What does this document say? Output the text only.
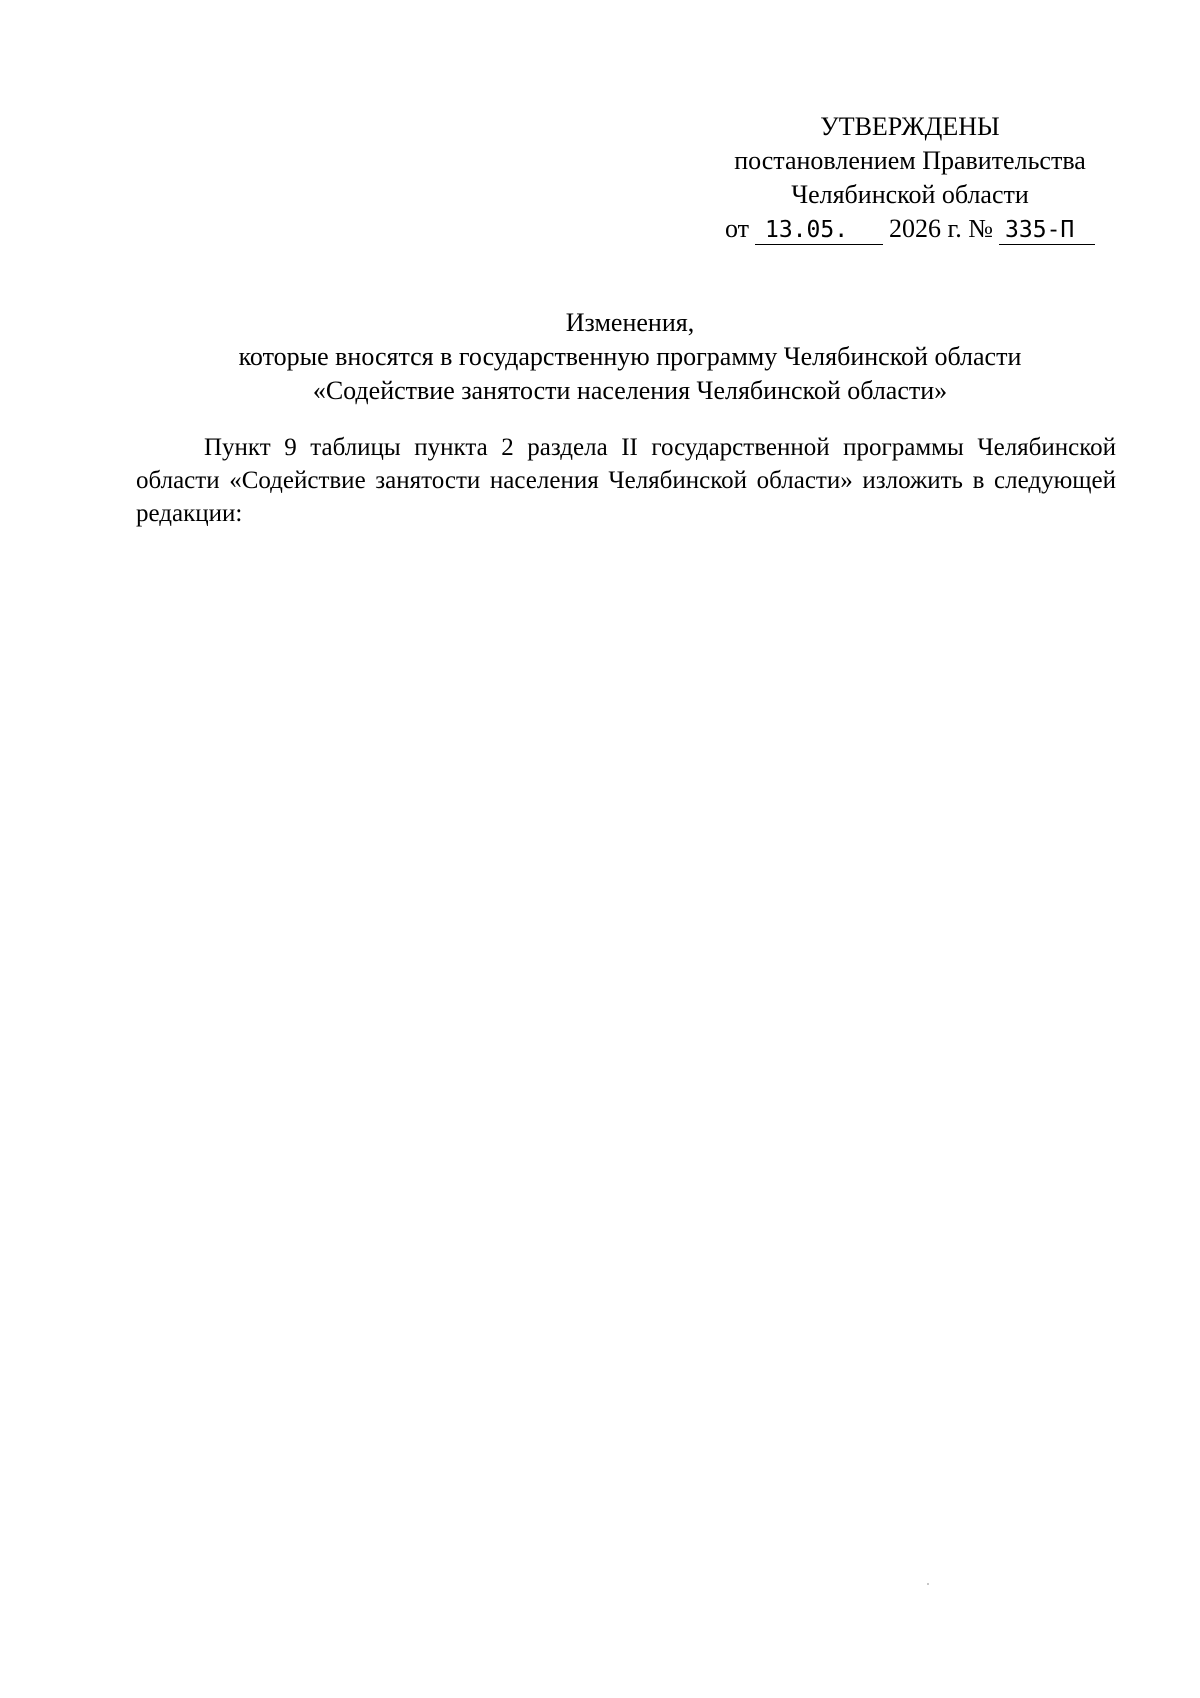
УТВЕРЖДЕНЫ
постановлением Правительства
Челябинской области
от 13.05. 2026 г. № 335-П
Изменения,
которые вносятся в государственную программу Челябинской области
«Содействие занятости населения Челябинской области»

Пункт 9 таблицы пункта 2 раздела II государственной программы Челябинской области «Содействие занятости населения Челябинской области» изложить в следующей редакции:
